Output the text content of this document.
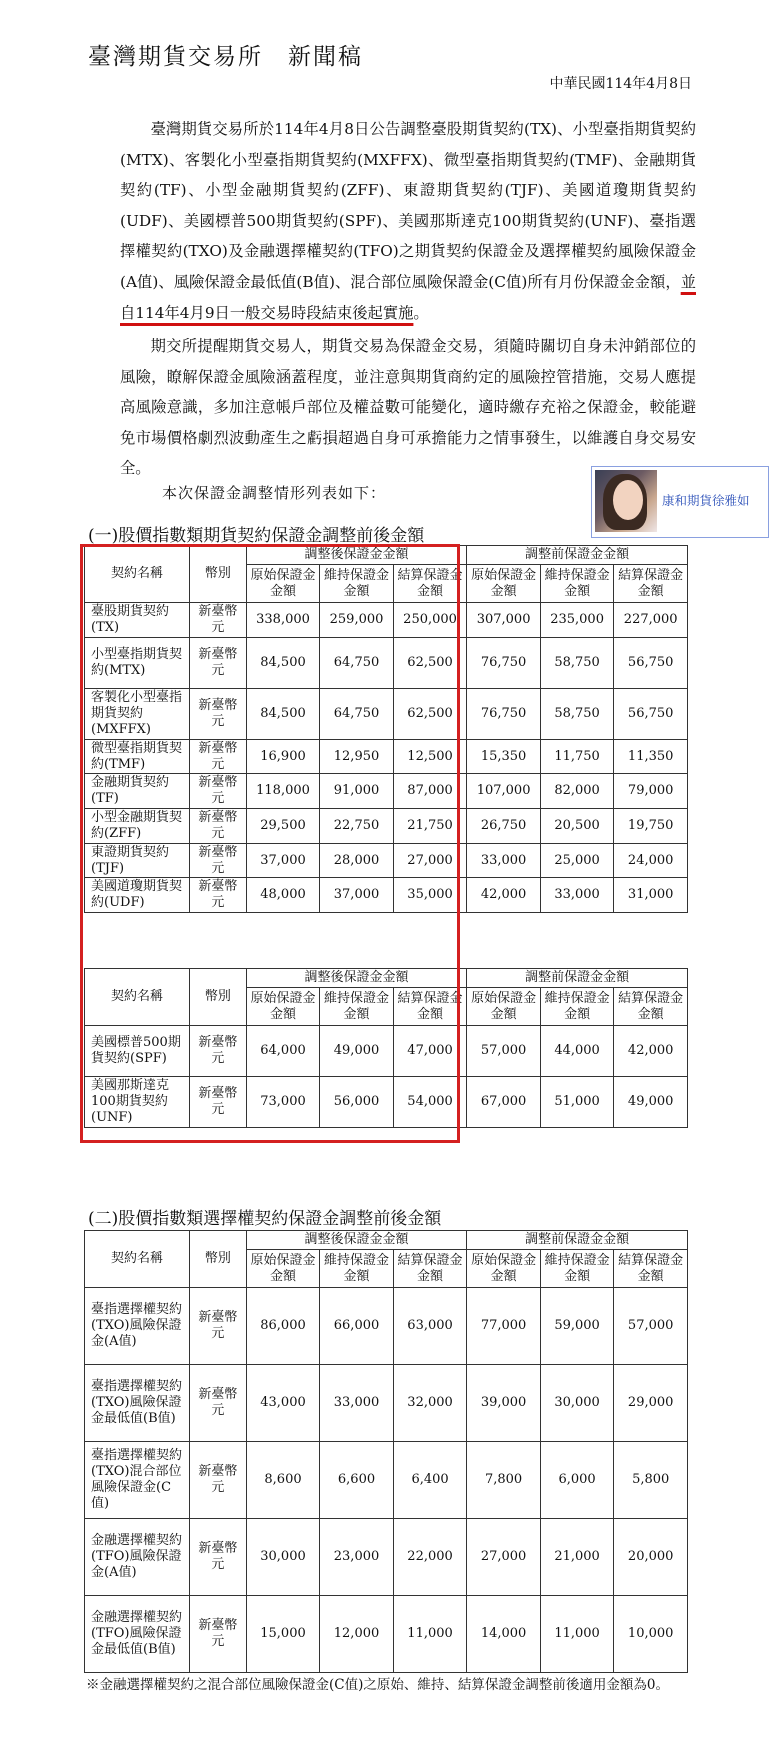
臺灣期貨交易所　新聞稿
中華民國114年4月8日

臺灣期貨交易所於114年4月8日公告調整臺股期貨契約(TX)、小型臺指期貨契約(MTX)、客製化小型臺指期貨契約(MXFFX)、微型臺指期貨契約(TMF)、金融期貨契約(TF)、小型金融期貨契約(ZFF)、東證期貨契約(TJF)、美國道瓊期貨契約(UDF)、美國標普500期貨契約(SPF)、美國那斯達克100期貨契約(UNF)、臺指選擇權契約(TXO)及金融選擇權契約(TFO)之期貨契約保證金及選擇權契約風險保證金(A值)、風險保證金最低值(B值)、混合部位風險保證金(C值)所有月份保證金金額，並自114年4月9日一般交易時段結束後起實施。

期交所提醒期貨交易人，期貨交易為保證金交易，須隨時關切自身未沖銷部位的風險，瞭解保證金風險涵蓋程度，並注意與期貨商約定的風險控管措施，交易人應提高風險意識，多加注意帳戶部位及權益數可能變化，適時繳存充裕之保證金，較能避免市場價格劇烈波動產生之虧損超過自身可承擔能力之情事發生，以維護自身交易安全。

本次保證金調整情形列表如下：	康和期貨徐雅如
(一)股價指數類期貨契約保證金調整前後金額
契約名稱	幣別	調整後保證金金額			調整前保證金金額		
		原始保證金金額	維持保證金金額	結算保證金金額	原始保證金金額	維持保證金金額	結算保證金金額
臺股期貨契約(TX)	新臺幣元	338,000	259,000	250,000	307,000	235,000	227,000
小型臺指期貨契約(MTX)	新臺幣元	84,500	64,750	62,500	76,750	58,750	56,750
客製化小型臺指期貨契約(MXFFX)	新臺幣元	84,500	64,750	62,500	76,750	58,750	56,750
微型臺指期貨契約(TMF)	新臺幣元	16,900	12,950	12,500	15,350	11,750	11,350
金融期貨契約(TF)	新臺幣元	118,000	91,000	87,000	107,000	82,000	79,000
小型金融期貨契約(ZFF)	新臺幣元	29,500	22,750	21,750	26,750	20,500	19,750
東證期貨契約(TJF)	新臺幣元	37,000	28,000	27,000	33,000	25,000	24,000
美國道瓊期貨契約(UDF)	新臺幣元	48,000	37,000	35,000	42,000	33,000	31,000
契約名稱	幣別	調整後保證金金額			調整前保證金金額		
		原始保證金金額	維持保證金金額	結算保證金金額	原始保證金金額	維持保證金金額	結算保證金金額
美國標普500期貨契約(SPF)	新臺幣元	64,000	49,000	47,000	57,000	44,000	42,000
美國那斯達克100期貨契約(UNF)	新臺幣元	73,000	56,000	54,000	67,000	51,000	49,000
(二)股價指數類選擇權契約保證金調整前後金額
契約名稱	幣別	調整後保證金金額			調整前保證金金額		
		原始保證金金額	維持保證金金額	結算保證金金額	原始保證金金額	維持保證金金額	結算保證金金額
臺指選擇權契約(TXO)風險保證金(A值)	新臺幣元	86,000	66,000	63,000	77,000	59,000	57,000
臺指選擇權契約(TXO)風險保證金最低值(B值)	新臺幣元	43,000	33,000	32,000	39,000	30,000	29,000
臺指選擇權契約(TXO)混合部位風險保證金(C值)	新臺幣元	8,600	6,600	6,400	7,800	6,000	5,800
金融選擇權契約(TFO)風險保證金(A值)	新臺幣元	30,000	23,000	22,000	27,000	21,000	20,000
金融選擇權契約(TFO)風險保證金最低值(B值)	新臺幣元	15,000	12,000	11,000	14,000	11,000	10,000
※金融選擇權契約之混合部位風險保證金(C值)之原始、維持、結算保證金調整前後適用金額為0。
